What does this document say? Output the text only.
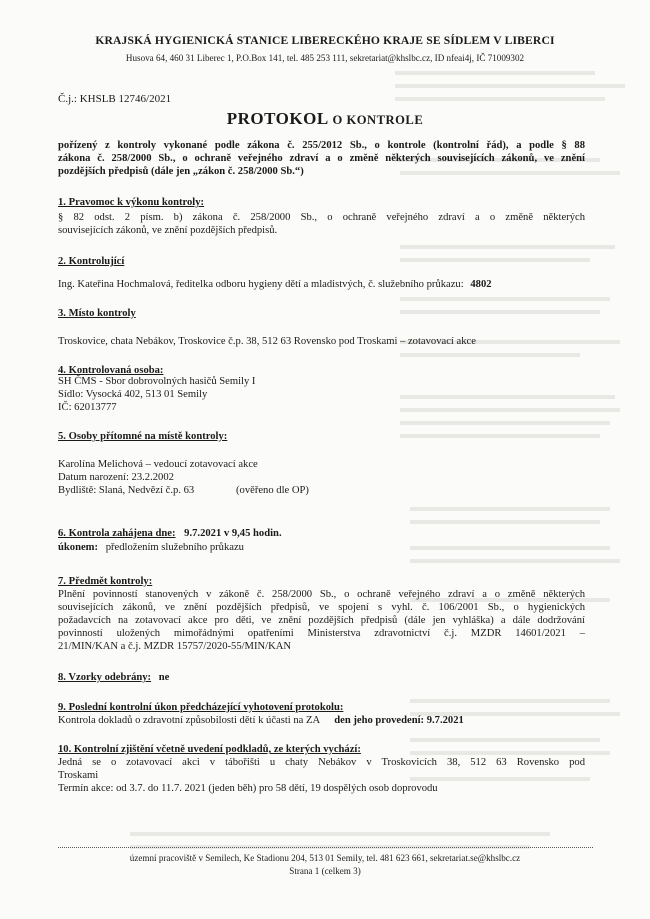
KRAJSKÁ HYGIENICKÁ STANICE LIBERECKÉHO KRAJE SE SÍDLEM V LIBERCI
Husova 64, 460 31 Liberec 1, P.O.Box 141, tel. 485 253 111, sekretariat@khslbc.cz, ID nfeai4j, IČ 71009302
Č.j.: KHSLB 12746/2021
PROTOKOL O KONTROLE
pořízený z kontroly vykonané podle zákona č. 255/2012 Sb., o kontrole (kontrolní řád), a podle § 88
zákona č. 258/2000 Sb., o ochraně veřejného zdraví a o změně některých souvisejících zákonů, ve znění
pozdějších předpisů (dále jen „zákon č. 258/2000 Sb.“)
1. Pravomoc k výkonu kontroly:
§ 82 odst. 2 písm. b) zákona č. 258/2000 Sb., o ochraně veřejného zdraví a o změně některých
souvisejících zákonů, ve znění pozdějších předpisů.
2. Kontrolující
Ing. Kateřina Hochmalová, ředitelka odboru hygieny dětí a mladistvých, č. služebního průkazu: 4802
3. Místo kontroly
Troskovice, chata Nebákov, Troskovice č.p. 38, 512 63 Rovensko pod Troskami – zotavovací akce
4. Kontrolovaná osoba:
SH ČMS - Sbor dobrovolných hasičů Semily I
Sídlo: Vysocká 402, 513 01 Semily
IČ: 62013777
5. Osoby přítomné na místě kontroly:
Karolína Melichová – vedoucí zotavovací akce
Datum narození: 23.2.2002
Bydliště: Slaná, Nedvězí č.p. 63	(ověřeno dle OP)
6. Kontrola zahájena dne: 9.7.2021 v 9,45 hodin.
úkonem: předložením služebního průkazu
7. Předmět kontroly:
Plnění povinností stanovených v zákoně č. 258/2000 Sb., o ochraně veřejného zdraví a o změně některých
souvisejících zákonů, ve znění pozdějších předpisů, ve spojení s vyhl. č. 106/2001 Sb., o hygienických
požadavcích na zotavovací akce pro děti, ve znění pozdějších předpisů (dále jen vyhláška) a dále dodržování
povinností uložených mimořádnými opatřeními Ministerstva zdravotnictví č.j. MZDR 14601/2021 –
21/MIN/KAN a č.j. MZDR 15757/2020-55/MIN/KAN
8. Vzorky odebrány: ne
9. Poslední kontrolní úkon předcházející vyhotovení protokolu:
Kontrola dokladů o zdravotní způsobilosti dětí k účasti na ZA den jeho provedení: 9.7.2021
10. Kontrolní zjištění včetně uvedení podkladů, ze kterých vychází:
Jedná se o zotavovací akci v tábořišti u chaty Nebákov v Troskovicích 38, 512 63 Rovensko pod
Troskami
Termín akce: od 3.7. do 11.7. 2021 (jeden běh) pro 58 dětí, 19 dospělých osob doprovodu
územní pracoviště v Semilech, Ke Stadionu 204, 513 01 Semily, tel. 481 623 661, sekretariat.se@khslbc.cz
Strana 1 (celkem 3)
